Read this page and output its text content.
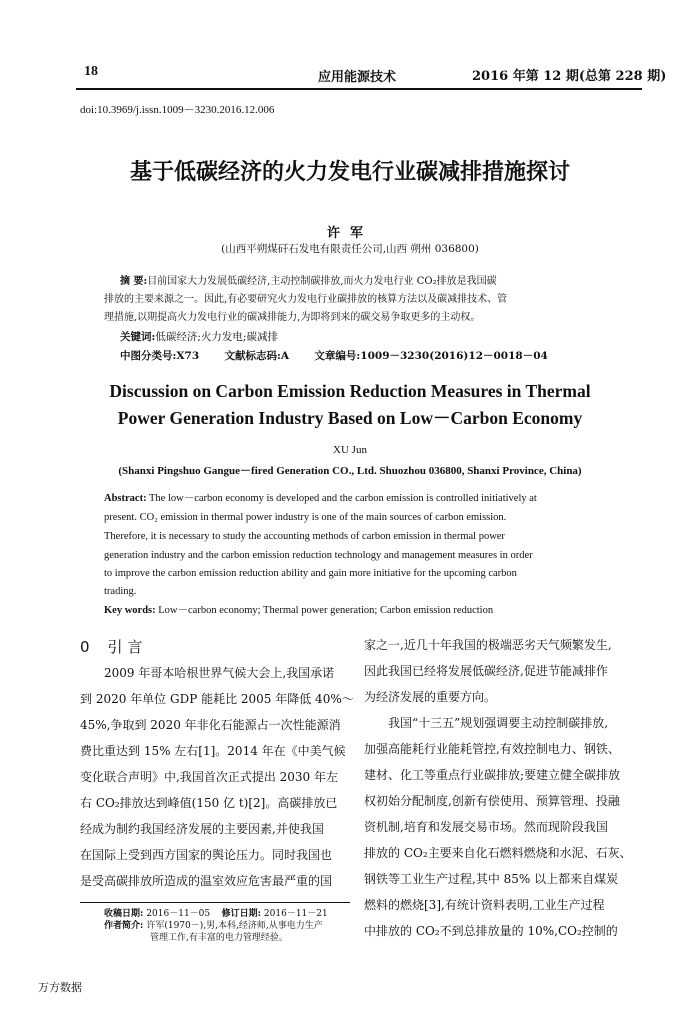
18	应用能源技术	2016 年第 12 期(总第 228 期)
doi:10.3969/j.issn.1009－3230.2016.12.006
基于低碳经济的火力发电行业碳减排措施探讨
许军
(山西平朔煤矸石发电有限责任公司,山西 朔州 036800)
摘 要:目前国家大力发展低碳经济,主动控制碳排放,而火力发电行业 CO₂排放是我国碳
排放的主要来源之一。因此,有必要研究火力发电行业碳排放的核算方法以及碳减排技术、管
理措施,以期提高火力发电行业的碳减排能力,为即将到来的碳交易争取更多的主动权。
关键词:低碳经济;火力发电;碳减排
中图分类号:X73 文献标志码:A 文章编号:1009－3230(2016)12－0018－04
Discussion on Carbon Emission Reduction Measures in Thermal
Power Generation Industry Based on Low－Carbon Economy
XU Jun
(Shanxi Pingshuo Gangue－fired Generation CO., Ltd. Shuozhou 036800, Shanxi Province, China)
Abstract: The low－carbon economy is developed and the carbon emission is controlled initiatively at
present. CO₂ emission in thermal power industry is one of the main sources of carbon emission.
Therefore, it is necessary to study the accounting methods of carbon emission in thermal power
generation industry and the carbon emission reduction technology and management measures in order
to improve the carbon emission reduction ability and gain more initiative for the upcoming carbon
trading.
Key words: Low－carbon economy; Thermal power generation; Carbon emission reduction
0 引 言
2009 年哥本哈根世界气候大会上,我国承诺
到 2020 年单位 GDP 能耗比 2005 年降低 40%～
45%,争取到 2020 年非化石能源占一次性能源消
费比重达到 15% 左右[1]。2014 年在《中美气候
变化联合声明》中,我国首次正式提出 2030 年左
右 CO₂排放达到峰值(150 亿 t)[2]。高碳排放已
经成为制约我国经济发展的主要因素,并使我国
在国际上受到西方国家的舆论压力。同时我国也
是受高碳排放所造成的温室效应危害最严重的国
家之一,近几十年我国的极端恶劣天气频繁发生,
因此我国已经将发展低碳经济,促进节能减排作
为经济发展的重要方向。
我国“十三五”规划强调要主动控制碳排放,
加强高能耗行业能耗管控,有效控制电力、钢铁、
建材、化工等重点行业碳排放;要建立健全碳排放
权初始分配制度,创新有偿使用、预算管理、投融
资机制,培育和发展交易市场。然而现阶段我国
排放的 CO₂主要来自化石燃料燃烧和水泥、石灰、
钢铁等工业生产过程,其中 85% 以上都来自煤炭
燃料的燃烧[3],有统计资料表明,工业生产过程
中排放的 CO₂不到总排放量的 10%,CO₂控制的
收稿日期: 2016－11－05 修订日期: 2016－11－21
作者简介: 许军(1970－),男,本科,经济师,从事电力生产
管理工作,有丰富的电力管理经验。
万方数据
